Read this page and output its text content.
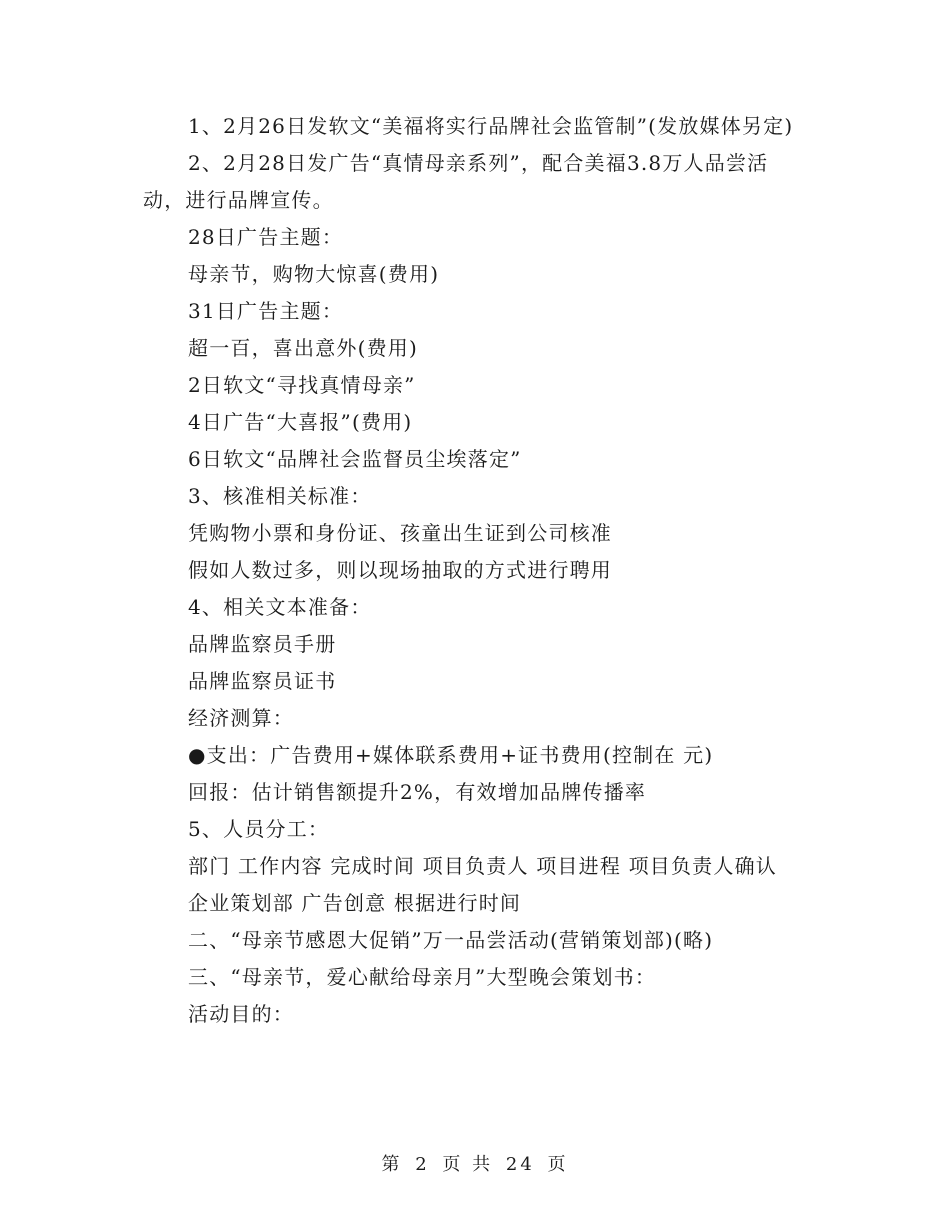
1、2月26日发软文“美福将实行品牌社会监管制”(发放媒体另定)

2、2月28日发广告“真情母亲系列”，配合美福3.8万人品尝活动，进行品牌宣传。

28日广告主题：

母亲节，购物大惊喜(费用)

31日广告主题：

超一百，喜出意外(费用)

2日软文“寻找真情母亲”

4日广告“大喜报”(费用)

6日软文“品牌社会监督员尘埃落定”

3、核准相关标准：

凭购物小票和身份证、孩童出生证到公司核准

假如人数过多，则以现场抽取的方式进行聘用

4、相关文本准备：

品牌监察员手册

品牌监察员证书

经济测算：

●支出：广告费用+媒体联系费用+证书费用(控制在 元)

回报：估计销售额提升2%，有效增加品牌传播率

5、人员分工：

部门 工作内容 完成时间 项目负责人 项目进程 项目负责人确认

企业策划部 广告创意 根据进行时间

二、“母亲节感恩大促销”万一品尝活动(营销策划部)(略)

三、“母亲节，爱心献给母亲月”大型晚会策划书：

活动目的：

第 2 页 共 24 页
